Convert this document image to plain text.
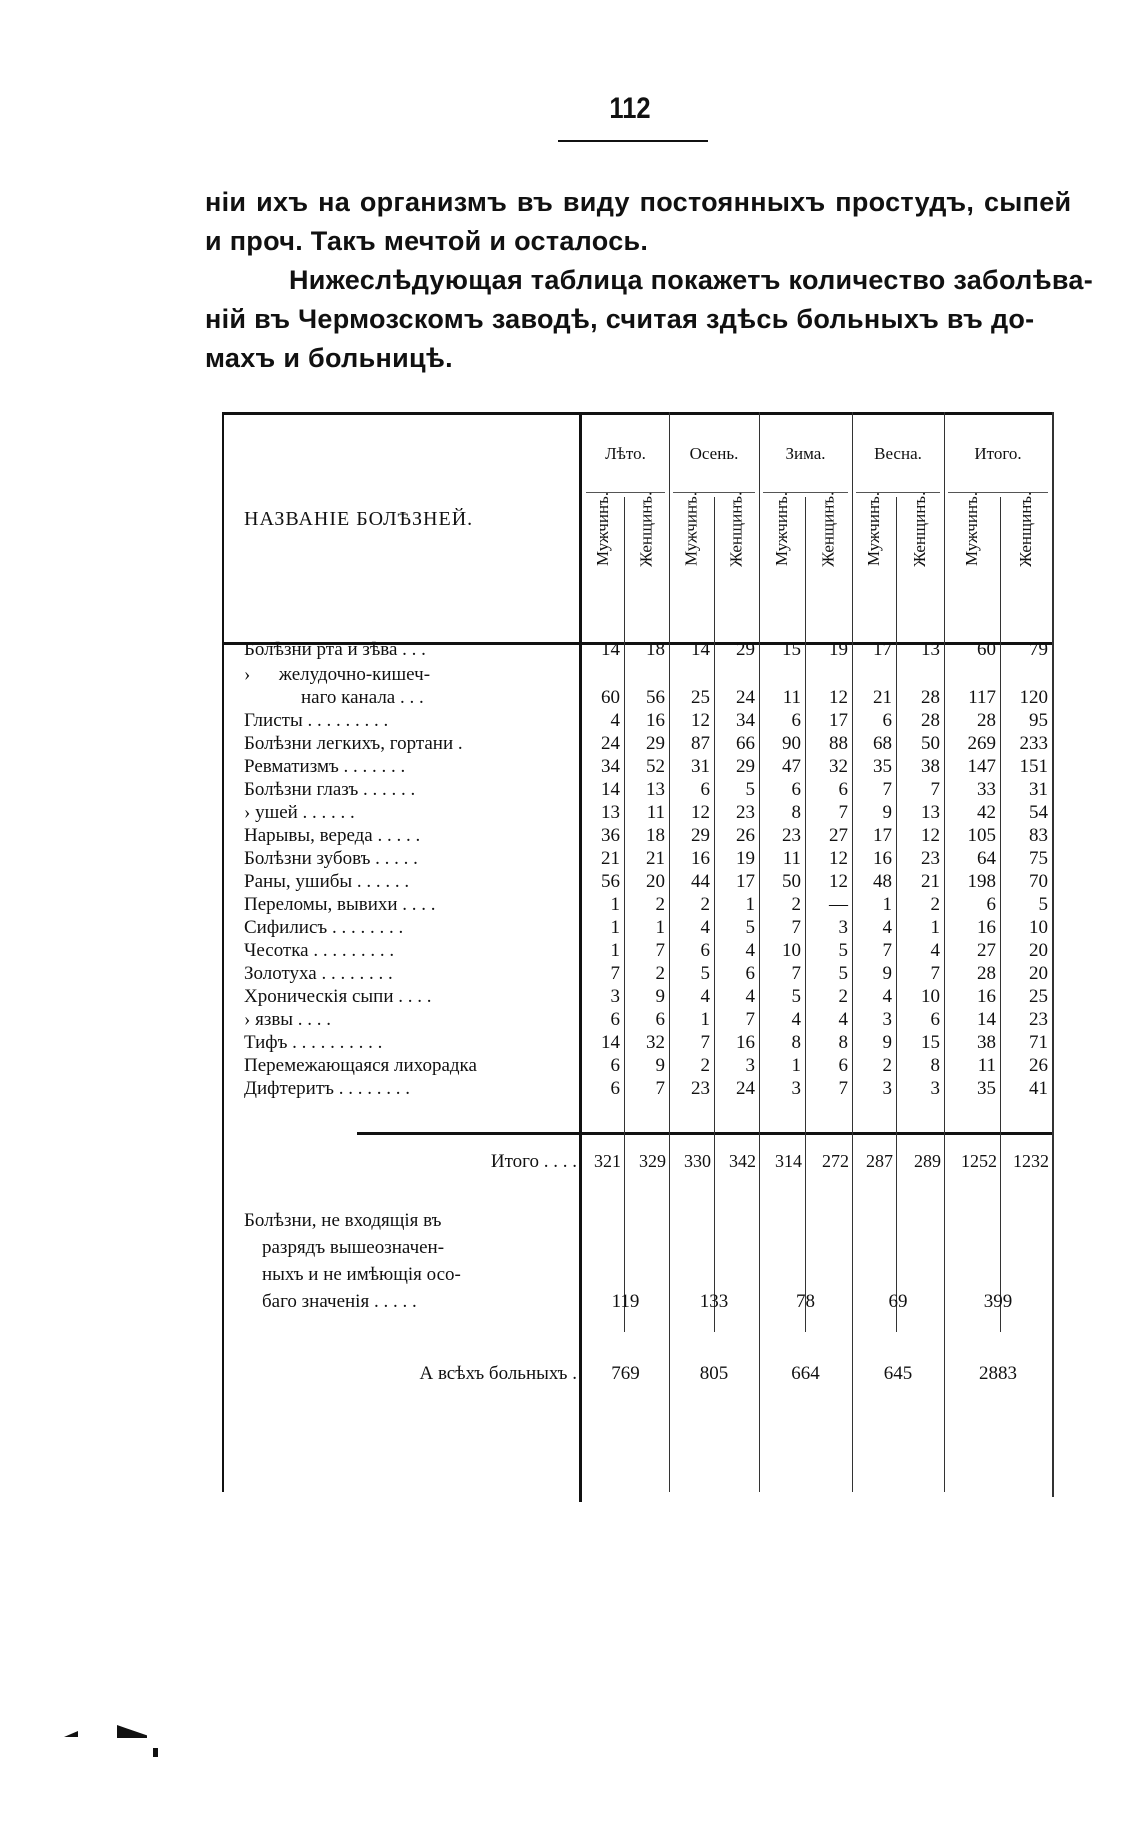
112
ніи ихъ на организмъ въ виду постоянныхъ простудъ, сыпей
и проч. Такъ мечтой и осталось.
Нижеслѣдующая таблица покажетъ количество заболѣва-
ній въ Чермозскомъ заводѣ, считая здѣсь больныхъ въ до-
махъ и больницѣ.
НАЗВАНІЕ БОЛѢЗНЕЙ.
Лѣто.	Осень.	Зима.	Весна.	Итого.
Мужчинъ. Женщинъ.	Мужчинъ.	Женщинъ.	Мужчинъ.	Женщинъ.	Мужчинъ.	Женщинъ.	Мужчинъ.	Женщинъ.
Болѣзни рта и зѣва . . .	14	18	14	29	15	19	17	13	60	79
›      желудочно-кишеч-
наго канала . . .	60	56	25	24	11	12	21	28	117	120
Глисты . . . . . . . . .	4	16	12	34	6	17	6	28	28	95
Болѣзни легкихъ, гортани .	24	29	87	66	90	88	68	50	269	233
Ревматизмъ . . . . . . .	34	52	31	29	47	32	35	38	147	151
Болѣзни глазъ . . . . . .	14	13	6	5	6	6	7	7	33	31
› ушей . . . . . .	13	11	12	23	8	7	9	13	42	54
Нарывы, вереда . . . . .	36	18	29	26	23	27	17	12	105	83
Болѣзни зубовъ . . . . .	21	21	16	19	11	12	16	23	64	75
Раны, ушибы . . . . . .	56	20	44	17	50	12	48	21	198	70
Переломы, вывихи . . . .	1	2	2	1	2	—	1	2	6	5
Сифилисъ . . . . . . . .	1	1	4	5	7	3	4	1	16	10
Чесотка . . . . . . . . .	1	7	6	4	10	5	7	4	27	20
Золотуха . . . . . . . .	7	2	5	6	7	5	9	7	28	20
Хроническія сыпи . . . .	3	9	4	4	5	2	4	10	16	25
› язвы . . . .	6	6	1	7	4	4	3	6	14	23
Тифъ . . . . . . . . . .	14	32	7	16	8	8	9	15	38	71
Перемежающаяся лихорадка	6	9	2	3	1	6	2	8	11	26
Дифтеритъ . . . . . . . .	6	7	23	24	3	7	3	3	35	41
Итого . . . . 321	329	330	342	314	272 287	289	1252 1232
Болѣзни, не входящія въ
разрядъ вышеозначен-
ныхъ и не имѣющія осо-
баго значенія . . . . .	119	133	78	69	399
А всѣхъ больныхъ .	769	805	664	645	2883
